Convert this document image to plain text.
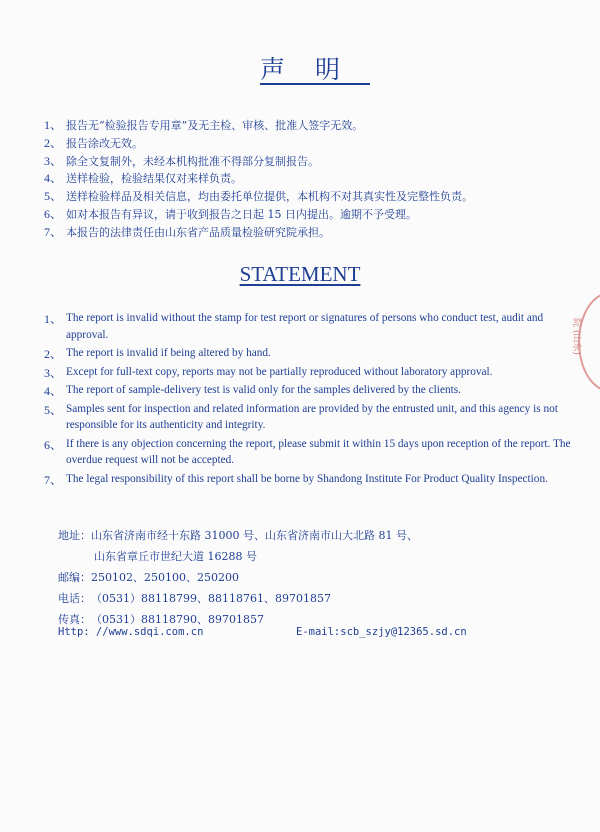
声明
1、 报告无“检验报告专用章”及无主检、审核、批准人签字无效。
2、 报告涂改无效。
3、 除全文复制外，未经本机构批准不得部分复制报告。
4、 送样检验，检验结果仅对来样负责。
5、 送样检验样品及相关信息，均由委托单位提供，本机构不对其真实性及完整性负责。
6、 如对本报告有异议，请于收到报告之日起 15 日内提出。逾期不予受理。
7、 本报告的法律责任由山东省产品质量检验研究院承担。
STATEMENT
1、 The report is invalid without the stamp for test report or signatures of persons who conduct test, audit and approval.
2、 The report is invalid if being altered by hand.
3、 Except for full-text copy, reports may not be partially reproduced without laboratory approval.
4、 The report of sample-delivery test is valid only for the samples delivered by the clients.
5、 Samples sent for inspection and related information are provided by the entrusted unit, and this agency is not responsible for its authenticity and integrity.
6、 If there is any objection concerning the report, please submit it within 15 days upon reception of the report. The overdue request will not be accepted.
7、 The legal responsibility of this report shall be borne by Shandong Institute For Product Quality Inspection.
地址：山东省济南市经十东路 31000 号、山东省济南市山大北路 81 号、
山东省章丘市世纪大道 16288 号
邮编：250102、250100、250200
电话：（0531）88118799、88118761、89701857
传真：（0531）88118790、89701857
Http: //www.sdqi.com.cn	E-mail:scb_szjy@12365.sd.cn
院 (山东)
